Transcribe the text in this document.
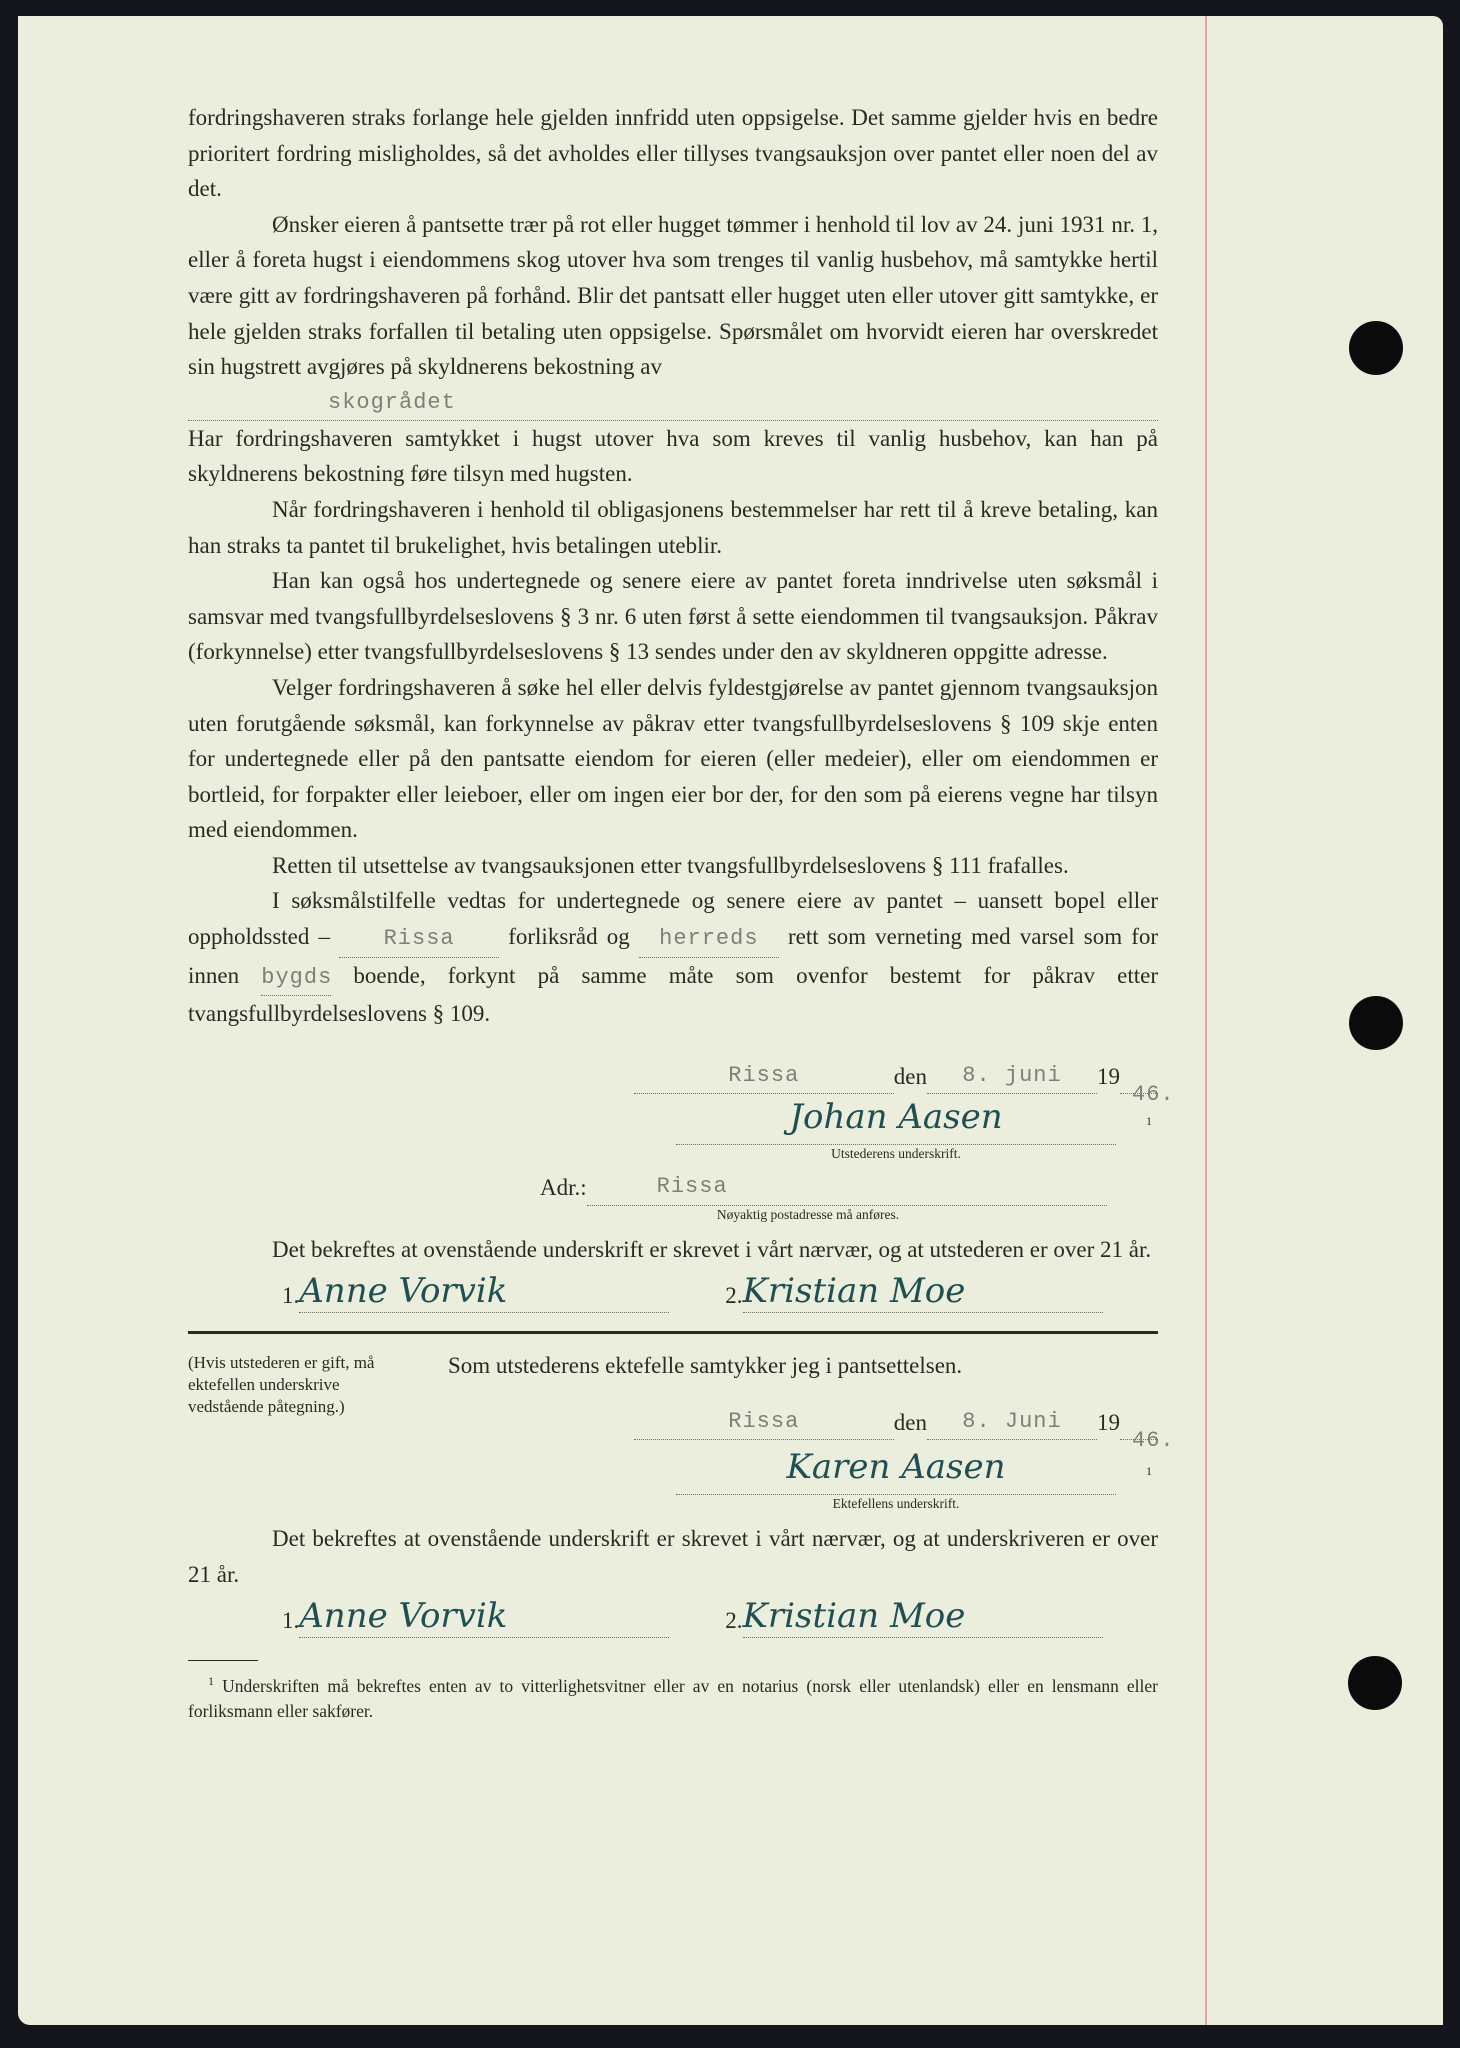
fordringshaveren straks forlange hele gjelden innfridd uten oppsigelse. Det samme gjelder hvis en bedre prioritert fordring misligholdes, så det avholdes eller tillyses tvangsauksjon over pantet eller noen del av det.

Ønsker eieren å pantsette trær på rot eller hugget tømmer i henhold til lov av 24. juni 1931 nr. 1, eller å foreta hugst i eiendommens skog utover hva som trenges til vanlig husbehov, må samtykke hertil være gitt av fordringshaveren på forhånd. Blir det pantsatt eller hugget uten eller utover gitt samtykke, er hele gjelden straks forfallen til betaling uten oppsigelse. Spørsmålet om hvorvidt eieren har overskredet sin hugstrett avgjøres på skyldnerens bekostning av

skogrådet

Har fordringshaveren samtykket i hugst utover hva som kreves til vanlig husbehov, kan han på skyldnerens bekostning føre tilsyn med hugsten.

Når fordringshaveren i henhold til obligasjonens bestemmelser har rett til å kreve betaling, kan han straks ta pantet til brukelighet, hvis betalingen uteblir.

Han kan også hos undertegnede og senere eiere av pantet foreta inndrivelse uten søksmål i samsvar med tvangsfullbyrdelseslovens § 3 nr. 6 uten først å sette eiendommen til tvangsauksjon. Påkrav (forkynnelse) etter tvangsfullbyrdelseslovens § 13 sendes under den av skyldneren oppgitte adresse.

Velger fordringshaveren å søke hel eller delvis fyldestgjørelse av pantet gjennom tvangsauksjon uten forutgående søksmål, kan forkynnelse av påkrav etter tvangsfullbyrdelseslovens § 109 skje enten for undertegnede eller på den pantsatte eiendom for eieren (eller medeier), eller om eiendommen er bortleid, for forpakter eller leieboer, eller om ingen eier bor der, for den som på eierens vegne har tilsyn med eiendommen.

Retten til utsettelse av tvangsauksjonen etter tvangsfullbyrdelseslovens § 111 frafalles.

I søksmålstilfelle vedtas for undertegnede og senere eiere av pantet – uansett bopel eller oppholdssted – Rissa forliksråd og herreds rett som verneting med varsel som for innen bygds boende, forkynt på samme måte som ovenfor bestemt for påkrav etter tvangsfullbyrdelseslovens § 109.

Rissa	den	8. juni	19
46.
Johan Aasen
Utstederens underskrift.
$^1$
Adr.:	Rissa
Nøyaktig postadresse må anføres.

Det bekreftes at ovenstående underskrift er skrevet i vårt nærvær, og at utstederen er over 21 år.

1. Anne Vorvik	2. Kristian Moe
(Hvis utstederen er gift, må ektefellen underskrive vedstående påtegning.)
Som utstederens ektefelle samtykker jeg i pantsettelsen.
Rissa	den	8. Juni	19
46.
Karen Aasen
Ektefellens underskrift.
$^1$

Det bekreftes at ovenstående underskrift er skrevet i vårt nærvær, og at underskriveren er over 21 år.

1. Anne Vorvik	2. Kristian Moe

$^1$ Underskriften må bekreftes enten av to vitterlighetsvitner eller av en notarius (norsk eller utenlandsk) eller en lensmann eller forliksmann eller sakfører.
